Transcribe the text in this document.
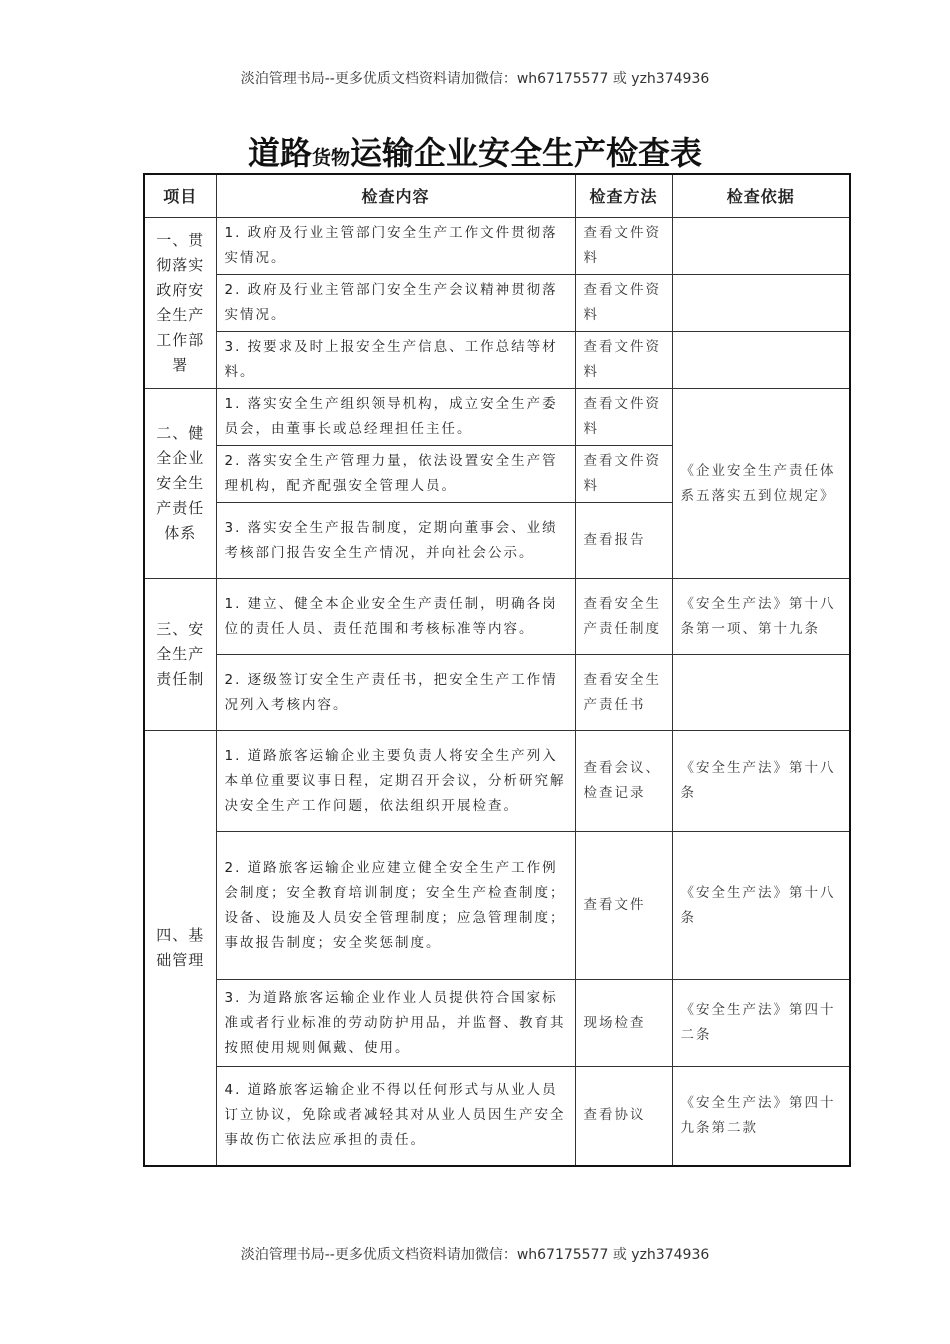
淡泊管理书局--更多优质文档资料请加微信：wh67175577 或 yzh374936
道路货物运输企业安全生产检查表
项目	检查内容	检查方法	检查依据
一、贯彻落实政府安全生产工作部署	1. 政府及行业主管部门安全生产工作文件贯彻落实情况。	查看文件资料	
	2. 政府及行业主管部门安全生产会议精神贯彻落实情况。	查看文件资料	
	3. 按要求及时上报安全生产信息、工作总结等材料。	查看文件资料	
二、健全企业安全生产责任体系	1. 落实安全生产组织领导机构，成立安全生产委员会，由董事长或总经理担任主任。	查看文件资料	《企业安全生产责任体系五落实五到位规定》
	2. 落实安全生产管理力量，依法设置安全生产管理机构，配齐配强安全管理人员。	查看文件资料	
	3. 落实安全生产报告制度，定期向董事会、业绩考核部门报告安全生产情况，并向社会公示。	查看报告	
三、安全生产责任制	1. 建立、健全本企业安全生产责任制，明确各岗位的责任人员、责任范围和考核标准等内容。	查看安全生产责任制度	《安全生产法》第十八条第一项、第十九条
	2. 逐级签订安全生产责任书，把安全生产工作情况列入考核内容。	查看安全生产责任书	
四、基础管理	1. 道路旅客运输企业主要负责人将安全生产列入本单位重要议事日程，定期召开会议，分析研究解决安全生产工作问题，依法组织开展检查。	查看会议、检查记录	《安全生产法》第十八条
	2. 道路旅客运输企业应建立健全安全生产工作例会制度；安全教育培训制度；安全生产检查制度；设备、设施及人员安全管理制度；应急管理制度；事故报告制度；安全奖惩制度。	查看文件	《安全生产法》第十八条
	3. 为道路旅客运输企业作业人员提供符合国家标准或者行业标准的劳动防护用品，并监督、教育其按照使用规则佩戴、使用。	现场检查	《安全生产法》第四十二条
	4. 道路旅客运输企业不得以任何形式与从业人员订立协议，免除或者减轻其对从业人员因生产安全事故伤亡依法应承担的责任。	查看协议	《安全生产法》第四十九条第二款
淡泊管理书局--更多优质文档资料请加微信：wh67175577 或 yzh374936
